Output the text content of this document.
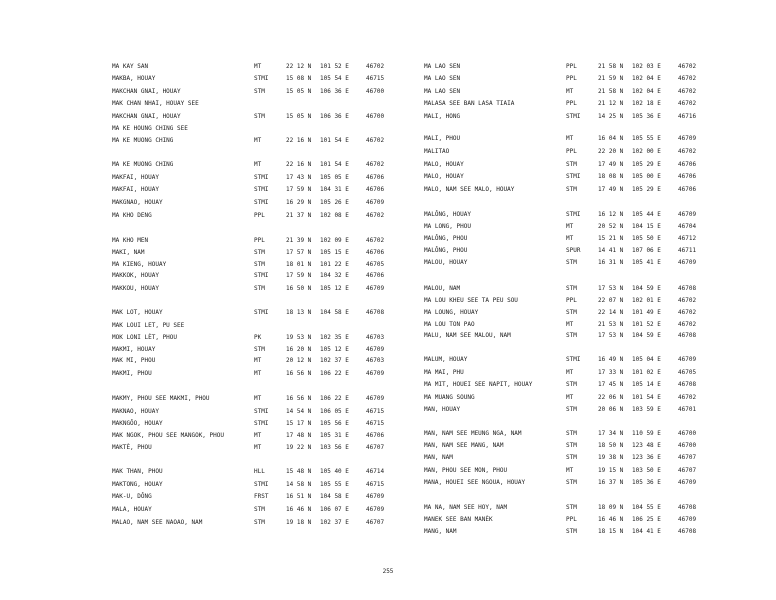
MA KAY SAN	MT	22 12 N 101 52 E	46702
MAKBA, HOUAY	STMI	15 08 N 105 54 E	46715
MAKCHAN GNAI, HOUAY	STM	15 05 N 106 36 E	46700
MAK CHAN NHAI, HOUAY SEE
MAKCHAN GNAI, HOUAY	STM	15 05 N 106 36 E	46700
MA KE HOUNG CHING SEE
MA KE MUONG CHING	MT	22 16 N 101 54 E	46702
MA KE MUONG CHING	MT	22 16 N 101 54 E	46702
MAKFAI, HOUAY	STMI	17 43 N 105 05 E	46706
MAKFAI, HOUAY	STMI	17 59 N 104 31 E	46706
MAKGNAO, HOUAY	STMI	16 29 N 105 26 E	46709
MA KHO DENG	PPL	21 37 N 102 08 E	46702
MA KHO MEN	PPL	21 39 N 102 09 E	46702
MAKI, NAM	STM	17 57 N 105 15 E	46706
MA KIENG, HOUAY	STM	18 01 N 101 22 E	46705
MAKKOK, HOUAY	STMI	17 59 N 104 32 E	46706
MAKKOU, HOUAY	STM	16 50 N 105 12 E	46709
MAK LOT, HOUAY	STMI	18 13 N 104 58 E	46708
MAK LOUI LET, PU SEE
MOK LONI LÈT, PHOU	PK	19 53 N 102 35 E	46703
MAKMI, HOUAY	STM	16 20 N 105 12 E	46709
MAK MI, PHOU	MT	20 12 N 102 37 E	46703
MAKMI, PHOU	MT	16 56 N 106 22 E	46709
MAKMY, PHOU SEE MAKMI, PHOU	MT	16 56 N 106 22 E	46709
MAKNAO, HOUAY	STMI	14 54 N 106 05 E	46715
MAKNGÔO, HOUAY	STMI	15 17 N 105 56 E	46715
MAK NGOK, PHOU SEE MANGOK, PHOU	MT	17 48 N 105 31 E	46706
MAKTÈ, PHOU	MT	19 22 N 103 56 E	46707
MAK THAN, PHOU	HLL	15 48 N 105 40 E	46714
MAKTONG, HOUAY	STMI	14 58 N 105 55 E	46715
MAK-U, DÔNG	FRST	16 51 N 104 58 E	46709
MALA, HOUAY	STM	16 46 N 106 07 E	46709
MALAO, NAM SEE NAOAO, NAM	STM	19 18 N 102 37 E	46707
MA LAO SEN	PPL	21 58 N 102 03 E	46702
MA LAO SEN	PPL	21 59 N 102 04 E	46702
MA LAO SEN	MT	21 58 N 102 04 E	46702
MALASA SEE BAN LASA TIAIA	PPL	21 12 N 102 18 E	46702
MALI, HONG	STMI	14 25 N 105 36 E	46716
MALI, PHOU	MT	16 04 N 105 55 E	46709
MALITAO	PPL	22 20 N 102 00 E	46702
MALO, HOUAY	STM	17 49 N 105 29 E	46706
MALO, HOUAY	STMI	18 08 N 105 00 E	46706
MALO, NAM SEE MALO, HOUAY	STM	17 49 N 105 29 E	46706
MALÔNG, HOUAY	STMI	16 12 N 105 44 E	46709
MA LONG, PHOU	MT	20 52 N 104 15 E	46704
MALÔNG, PHOU	MT	15 21 N 105 50 E	46712
MALÔNG, PHOU	SPUR	14 41 N 107 06 E	46711
MALOU, HOUAY	STM	16 31 N 105 41 E	46709
MALOU, NAM	STM	17 53 N 104 59 E	46708
MA LOU KHEU SEE TA PEU SOU	PPL	22 07 N 102 01 E	46702
MA LOUNG, HOUAY	STM	22 14 N 101 49 E	46702
MA LOU TON PAO	MT	21 53 N 101 52 E	46702
MALU, NAM SEE MALOU, NAM	STM	17 53 N 104 59 E	46708
MALUM, HOUAY	STMI	16 49 N 105 04 E	46709
MA MAI, PHU	MT	17 33 N 101 02 E	46705
MA MIT, HOUEI SEE NAPIT, HOUAY	STM	17 45 N 105 14 E	46708
MA MUANG SOUNG	MT	22 06 N 101 54 E	46702
MAN, HOUAY	STM	20 06 N 103 59 E	46701
MAN, NAM SEE MEUNG NGA, NAM	STM	17 34 N 110 59 E	46700
MAN, NAM SEE MANG, NAM	STM	18 50 N 123 48 E	46700
MAN, NAM	STM	19 38 N 123 36 E	46707
MAN, PHOU SEE MON, PHOU	MT	19 15 N 103 50 E	46707
MANA, HOUEI SEE NGOUA, HOUAY	STM	16 37 N 105 36 E	46709
MA NA, NAM SEE HOY, NAM	STM	18 09 N 104 55 E	46708
MANEK SEE BAN MANÈK	PPL	16 46 N 106 25 E	46709
MANG, NAM	STM	18 15 N 104 41 E	46708
255
